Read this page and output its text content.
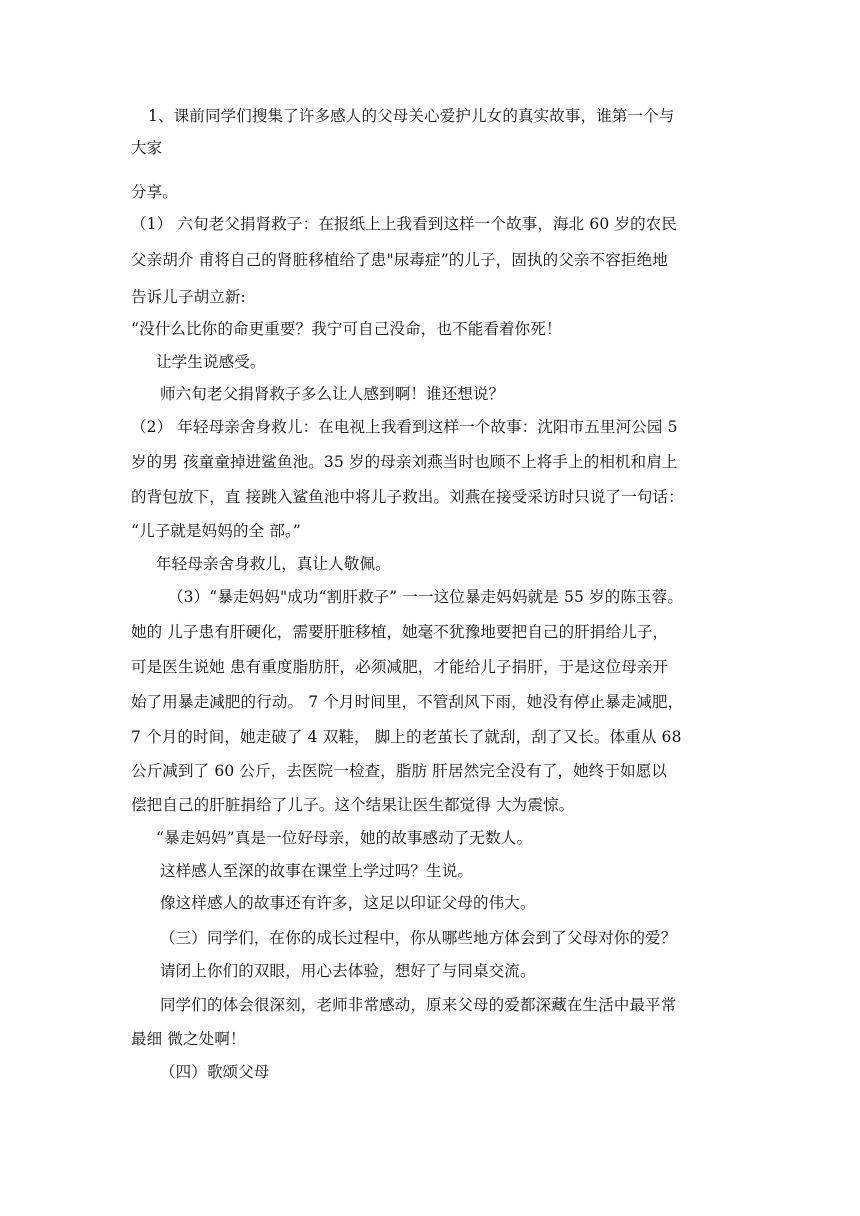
1、课前同学们搜集了许多感人的父母关心爱护儿女的真实故事，谁第一个与
大家
分享。
（1） 六旬老父捐肾救子：在报纸上上我看到这样一个故事，海北 60 岁的农民
父亲胡介 甫将自己的肾脏移植给了患"尿毒症”的儿子，固执的父亲不容拒绝地
告诉儿子胡立新:
“没什么比你的命更重要？我宁可自己没命，也不能看着你死！
让学生说感受。
师六旬老父捐肾救子多么让人感到啊！谁还想说？
（2） 年轻母亲舍身救儿：在电视上我看到这样一个故事：沈阳市五里河公园 5
岁的男 孩童童掉进鲨鱼池。35 岁的母亲刘燕当时也顾不上将手上的相机和肩上
的背包放下，直 接跳入鲨鱼池中将儿子救出。刘燕在接受采访时只说了一句话：
“儿子就是妈妈的全 部。”
年轻母亲舍身救儿，真让人敬佩。
（3）“暴走妈妈"成功“割肝救子” 一一这位暴走妈妈就是 55 岁的陈玉蓉。
她的 儿子患有肝硬化，需要肝脏移植，她毫不犹豫地要把自己的肝捐给儿子，
可是医生说她 患有重度脂肪肝，必须减肥，才能给儿子捐肝，于是这位母亲开
始了用暴走减肥的行动。 7 个月时间里，不管刮风下雨，她没有停止暴走减肥，
7 个月的时间，她走破了 4 双鞋， 脚上的老茧长了就刮，刮了又长。体重从 68
公斤减到了 60 公斤，去医院一检查，脂肪 肝居然完全没有了，她终于如愿以
偿把自己的肝脏捐给了儿子。这个结果让医生都觉得 大为震惊。
“暴走妈妈”真是一位好母亲，她的故事感动了无数人。
这样感人至深的故事在课堂上学过吗？生说。
像这样感人的故事还有许多，这足以印证父母的伟大。
（三）同学们，在你的成长过程中，你从哪些地方体会到了父母对你的爱？
请闭上你们的双眼，用心去体验，想好了与同桌交流。
同学们的体会很深刻，老师非常感动，原来父母的爱都深藏在生活中最平常
最细 微之处啊！
（四）歌颂父母
